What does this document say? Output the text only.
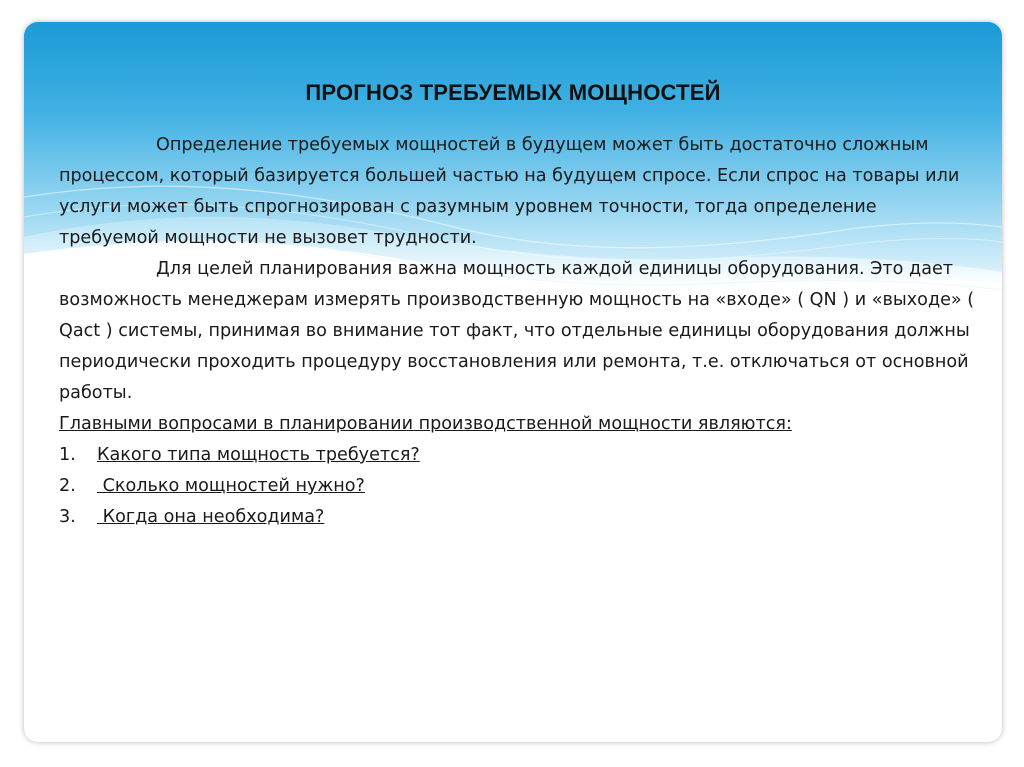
ПРОГНОЗ ТРЕБУЕМЫХ МОЩНОСТЕЙ

Определение требуемых мощностей в будущем может быть достаточно сложным процессом, который базируется большей частью на будущем спросе. Если спрос на товары или услуги может быть спрогнозирован с разумным уровнем точности, тогда определение требуемой мощности не вызовет трудности.

Для целей планирования важна мощность каждой единицы оборудования. Это дает возможность менеджерам измерять производственную мощность на «входе» ( QN ) и «выходе» ( Qact ) системы, принимая во внимание тот факт, что отдельные единицы оборудования должны периодически проходить процедуру восстановления или ремонта, т.е. отключаться от основной работы.

Главными вопросами в планировании производственной мощности являются:

1.	Какого типа мощность требуется?
2.	Сколько мощностей нужно?
3.	Когда она необходима?
